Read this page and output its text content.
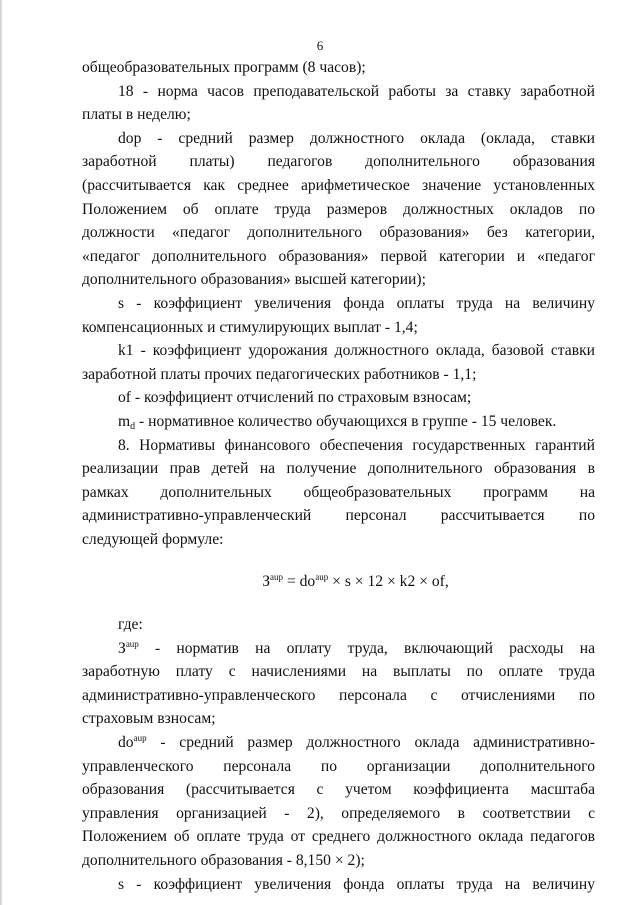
6

общеобразовательных программ (8 часов);

18 - норма часов преподавательской работы за ставку заработной

платы в неделю;

dop - средний размер должностного оклада (оклада, ставки

заработной платы) педагогов дополнительного образования

(рассчитывается как среднее арифметическое значение установленных

Положением об оплате труда размеров должностных окладов по

должности «педагог дополнительного образования» без категории,

«педагог дополнительного образования» первой категории и «педагог

дополнительного образования» высшей категории);

s - коэффициент увеличения фонда оплаты труда на величину

компенсационных и стимулирующих выплат - 1,4;

k1 - коэффициент удорожания должностного оклада, базовой ставки

заработной платы прочих педагогических работников - 1,1;

of - коэффициент отчислений по страховым взносам;

$m_d$ - нормативное количество обучающихся в группе - 15 человек.

8. Нормативы финансового обеспечения государственных гарантий

реализации прав детей на получение дополнительного образования в

рамках дополнительных общеобразовательных программ на

административно-управленческий персонал рассчитывается по

следующей формуле:

$З^{aup} = do^{aup} \times s \times 12 \times k2$ × of,

где:

$З^{aup}$ - норматив на оплату труда, включающий расходы на

заработную плату с начислениями на выплаты по оплате труда

административно-управленческого персонала с отчислениями по

страховым взносам;

$do^{aup}$ - средний размер должностного оклада административно-

управленческого персонала по организации дополнительного

образования (рассчитывается с учетом коэффициента масштаба

управления организацией - 2), определяемого в соответствии с

Положением об оплате труда от среднего должностного оклада педагогов

дополнительного образования - 8,150 × 2);

s - коэффициент увеличения фонда оплаты труда на величину
